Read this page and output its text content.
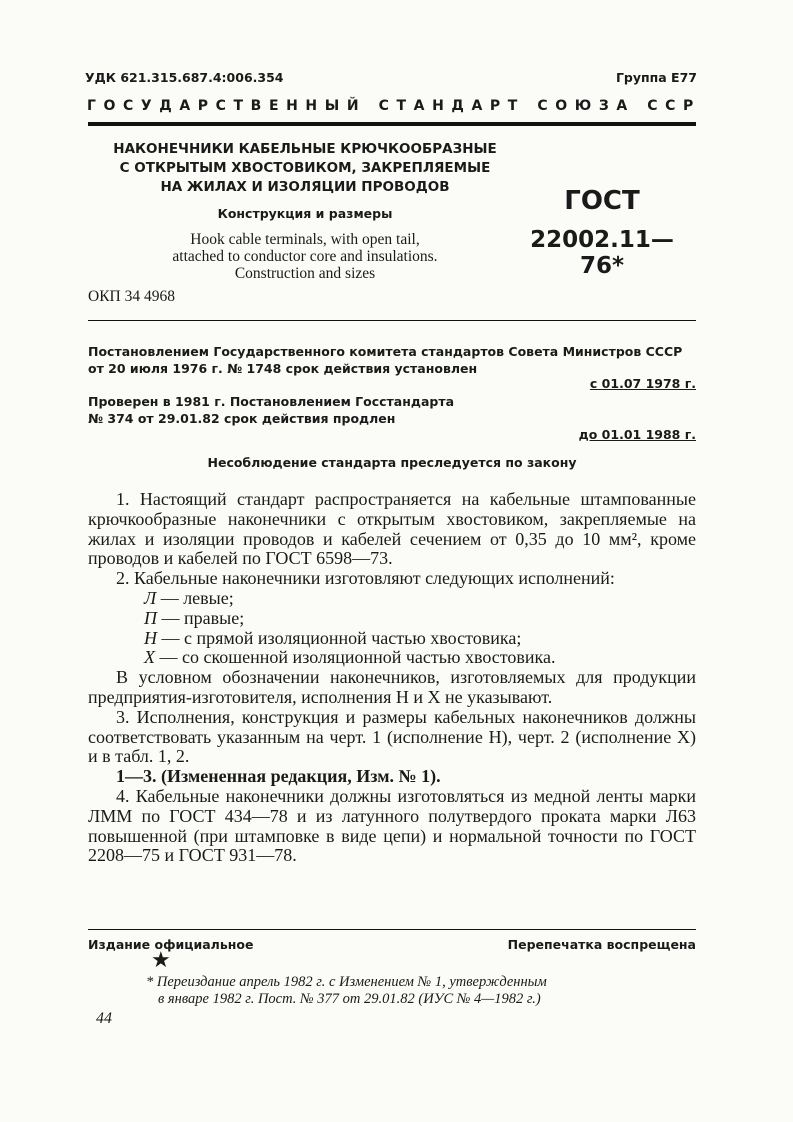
УДК 621.315.687.4:006.354	Группа Е77
ГОСУДАРСТВЕННЫЙ СТАНДАРТ СОЮЗА ССР
НАКОНЕЧНИКИ КАБЕЛЬНЫЕ КРЮЧКООБРАЗНЫЕ
С ОТКРЫТЫМ ХВОСТОВИКОМ, ЗАКРЕПЛЯЕМЫЕ
НА ЖИЛАХ И ИЗОЛЯЦИИ ПРОВОДОВ
Конструкция и размеры
Hook cable terminals, with open tail,
attached to conductor core and insulations.
Construction and sizes
ГОСТ
22002.11—76*
ОКП 34 4968
Постановлением Государственного комитета стандартов Совета Министров СССР от 20 июля 1976 г. № 1748 срок действия установлен
с 01.07 1978 г.
Проверен в 1981 г. Постановлением Госстандарта № 374 от 29.01.82 срок действия продлен
до 01.01 1988 г.
Несоблюдение стандарта преследуется по закону

1. Настоящий стандарт распространяется на кабельные штампованные крючкообразные наконечники с открытым хвостовиком, закрепляемые на жилах и изоляции проводов и кабелей сечением от 0,35 до 10 мм², кроме проводов и кабелей по ГОСТ 6598—73.

2. Кабельные наконечники изготовляют следующих исполнений:

Л — левые;

П — правые;

Н — с прямой изоляционной частью хвостовика;

Х — со скошенной изоляционной частью хвостовика.

В условном обозначении наконечников, изготовляемых для продукции предприятия-изготовителя, исполнения Н и Х не указывают.

3. Исполнения, конструкция и размеры кабельных наконечников должны соответствовать указанным на черт. 1 (исполнение Н), черт. 2 (исполнение Х) и в табл. 1, 2.

1—3. (Измененная редакция, Изм. № 1).

4. Кабельные наконечники должны изготовляться из медной ленты марки ЛММ по ГОСТ 434—78 и из латунного полутвердого проката марки Л63 повышенной (при штамповке в виде цепи) и нормальной точности по ГОСТ 2208—75 и ГОСТ 931—78.

Издание официальное	Перепечатка воспрещена
★
* Переиздание апрель 1982 г. с Изменением № 1, утвержденным
в январе 1982 г. Пост. № 377 от 29.01.82 (ИУС № 4—1982 г.)
44
